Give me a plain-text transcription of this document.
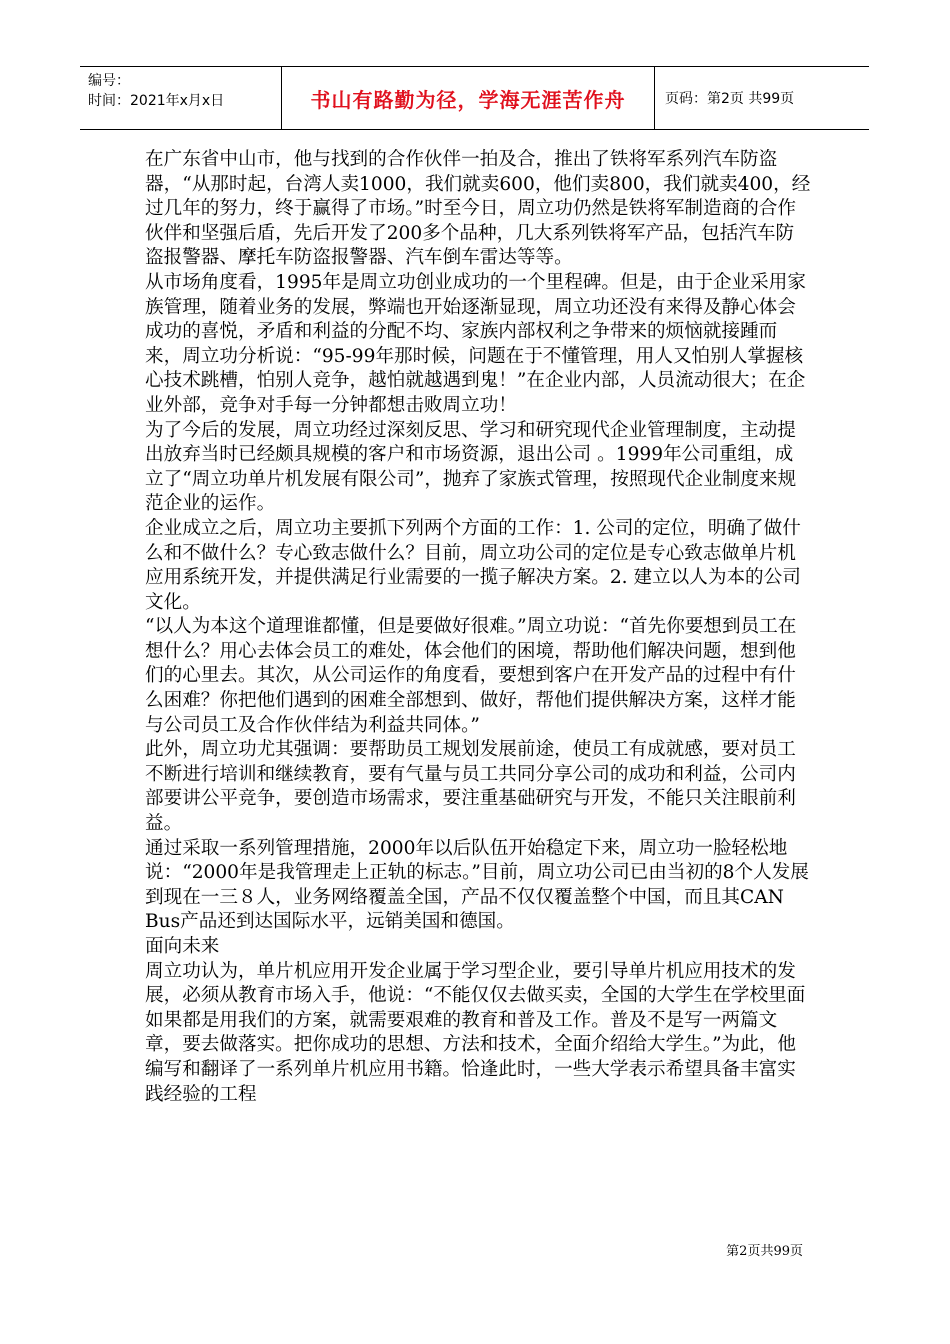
编号：
时间：2021年x月x日	书山有路勤为径，学海无涯苦作舟	页码：第2页 共99页

在广东省中山市，他与找到的合作伙伴一拍及合，推出了铁将军系列汽车防盗器，“从那时起，台湾人卖1000，我们就卖600，他们卖800，我们就卖400，经过几年的努力，终于赢得了市场。”时至今日，周立功仍然是铁将军制造商的合作伙伴和坚强后盾，先后开发了200多个品种，几大系列铁将军产品，包括汽车防盗报警器、摩托车防盗报警器、汽车倒车雷达等等。

从市场角度看，1995年是周立功创业成功的一个里程碑。但是，由于企业采用家族管理，随着业务的发展，弊端也开始逐渐显现，周立功还没有来得及静心体会成功的喜悦，矛盾和利益的分配不均、家族内部权利之争带来的烦恼就接踵而来，周立功分析说：“95-99年那时候，问题在于不懂管理，用人又怕别人掌握核心技术跳槽，怕别人竞争，越怕就越遇到鬼！”在企业内部，人员流动很大；在企业外部，竞争对手每一分钟都想击败周立功！

为了今后的发展，周立功经过深刻反思、学习和研究现代企业管理制度，主动提出放弃当时已经颇具规模的客户和市场资源，退出公司 。1999年公司重组，成立了“周立功单片机发展有限公司”，抛弃了家族式管理，按照现代企业制度来规范企业的运作。

企业成立之后，周立功主要抓下列两个方面的工作：1. 公司的定位，明确了做什么和不做什么？专心致志做什么？目前，周立功公司的定位是专心致志做单片机应用系统开发，并提供满足行业需要的一揽子解决方案。2. 建立以人为本的公司文化。

“以人为本这个道理谁都懂，但是要做好很难。”周立功说：“首先你要想到员工在想什么？用心去体会员工的难处，体会他们的困境，帮助他们解决问题，想到他们的心里去。其次，从公司运作的角度看，要想到客户在开发产品的过程中有什么困难？你把他们遇到的困难全部想到、做好，帮他们提供解决方案，这样才能与公司员工及合作伙伴结为利益共同体。”

此外，周立功尤其强调：要帮助员工规划发展前途，使员工有成就感，要对员工不断进行培训和继续教育，要有气量与员工共同分享公司的成功和利益，公司内部要讲公平竞争，要创造市场需求，要注重基础研究与开发，不能只关注眼前利益。

通过采取一系列管理措施，2000年以后队伍开始稳定下来，周立功一脸轻松地说：“2000年是我管理走上正轨的标志。”目前，周立功公司已由当初的8个人发展到现在一三８人，业务网络覆盖全国，产品不仅仅覆盖整个中国，而且其CAN Bus产品还到达国际水平，远销美国和德国。

面向未来

周立功认为，单片机应用开发企业属于学习型企业，要引导单片机应用技术的发展，必须从教育市场入手，他说：“不能仅仅去做买卖，全国的大学生在学校里面如果都是用我们的方案，就需要艰难的教育和普及工作。普及不是写一两篇文章，要去做落实。把你成功的思想、方法和技术，全面介绍给大学生。”为此，他编写和翻译了一系列单片机应用书籍。恰逢此时，一些大学表示希望具备丰富实践经验的工程

第2页共99页
